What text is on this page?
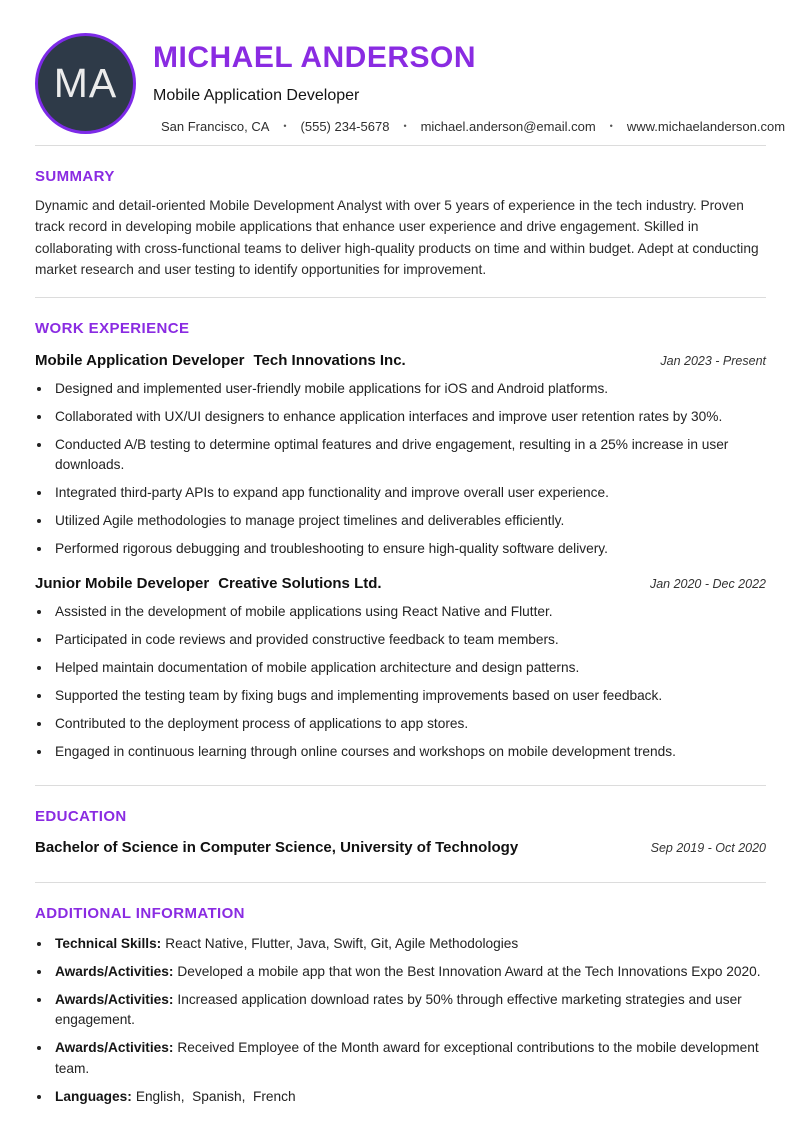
MA
MICHAEL ANDERSON
Mobile Application Developer
San Francisco, CA • (555) 234-5678 • michael.anderson@email.com • www.michaelanderson.com
SUMMARY

Dynamic and detail-oriented Mobile Development Analyst with over 5 years of experience in the tech industry. Proven track record in developing mobile applications that enhance user experience and drive engagement. Skilled in collaborating with cross-functional teams to deliver high-quality products on time and within budget. Adept at conducting market research and user testing to identify opportunities for improvement.

WORK EXPERIENCE
Mobile Application Developer Tech Innovations Inc.	Jan 2023 - Present
• Designed and implemented user-friendly mobile applications for iOS and Android platforms.
• Collaborated with UX/UI designers to enhance application interfaces and improve user retention rates by 30%.
• Conducted A/B testing to determine optimal features and drive engagement, resulting in a 25% increase in user downloads.
• Integrated third-party APIs to expand app functionality and improve overall user experience.
• Utilized Agile methodologies to manage project timelines and deliverables efficiently.
• Performed rigorous debugging and troubleshooting to ensure high-quality software delivery.
Junior Mobile Developer Creative Solutions Ltd.	Jan 2020 - Dec 2022
• Assisted in the development of mobile applications using React Native and Flutter.
• Participated in code reviews and provided constructive feedback to team members.
• Helped maintain documentation of mobile application architecture and design patterns.
• Supported the testing team by fixing bugs and implementing improvements based on user feedback.
• Contributed to the deployment process of applications to app stores.
• Engaged in continuous learning through online courses and workshops on mobile development trends.
EDUCATION
Bachelor of Science in Computer Science, University of Technology	Sep 2019 - Oct 2020
ADDITIONAL INFORMATION
• Technical Skills: React Native, Flutter, Java, Swift, Git, Agile Methodologies
• Awards/Activities: Developed a mobile app that won the Best Innovation Award at the Tech Innovations Expo 2020.
• Awards/Activities: Increased application download rates by 50% through effective marketing strategies and user engagement.
• Awards/Activities: Received Employee of the Month award for exceptional contributions to the mobile development team.
• Languages: English,  Spanish,  French
